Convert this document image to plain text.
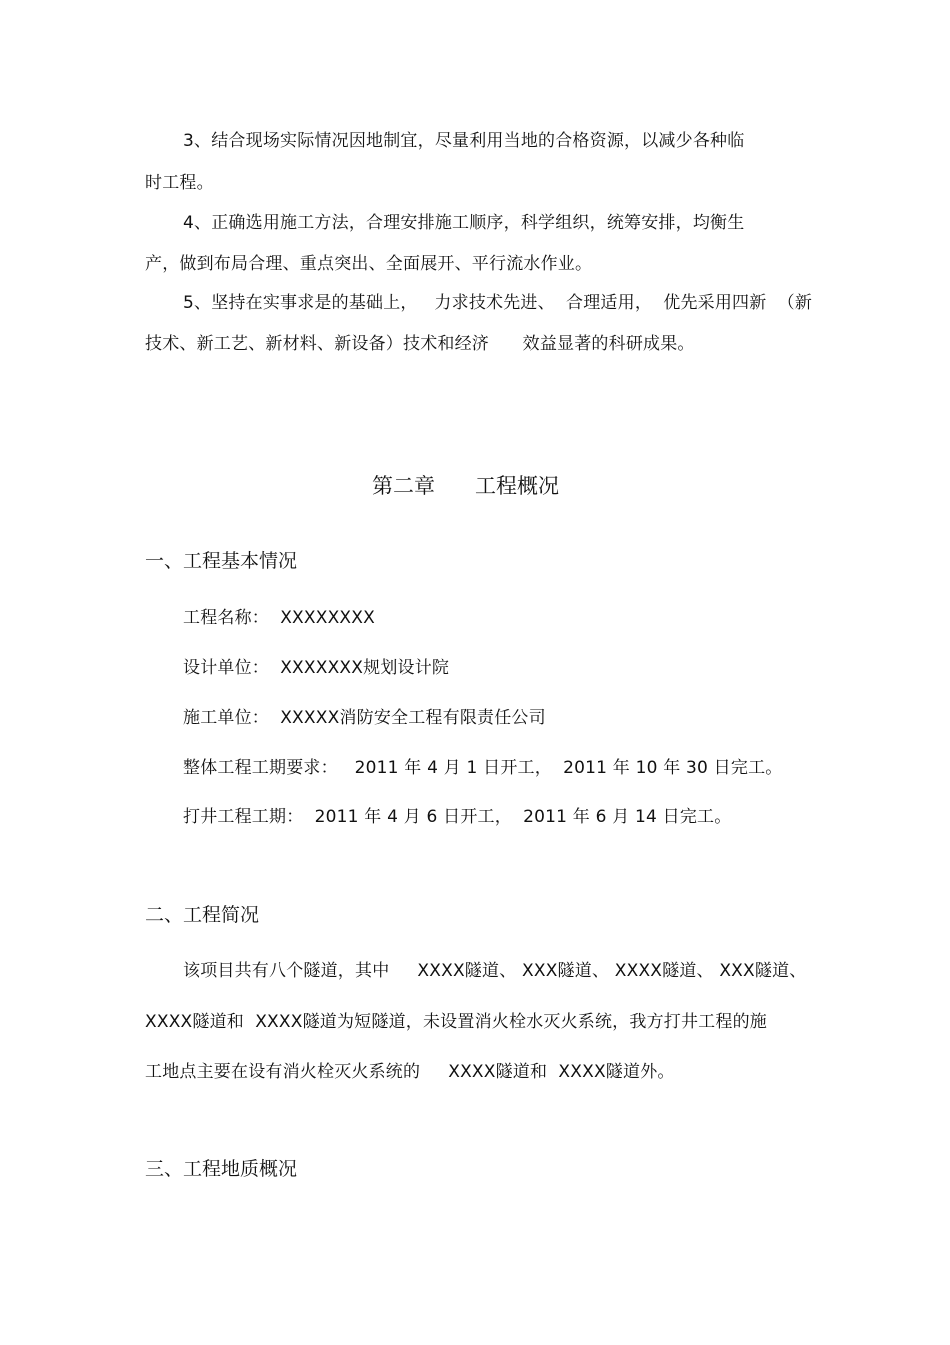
3、结合现场实际情况因地制宜，尽量利用当地的合格资源，以减少各种临
时工程。
4、正确选用施工方法，合理安排施工顺序，科学组织，统筹安排，均衡生
产，做到布局合理、重点突出、全面展开、平行流水作业。
5、坚持在实事求是的基础上，   力求技术先进、  合理适用，  优先采用四新  （新
技术、新工艺、新材料、新设备）技术和经济      效益显著的科研成果。
第二章      工程概况
一、工程基本情况
工程名称：  XXXXXXXX
设计单位：  XXXXXXX规划设计院
施工单位：  XXXXX消防安全工程有限责任公司
整体工程工期要求：   2011 年 4 月 1 日开工，  2011 年 10 年 30 日完工。
打井工程工期：  2011 年 4 月 6 日开工，  2011 年 6 月 14 日完工。
二、工程简况
该项目共有八个隧道，其中     XXXX隧道、 XXX隧道、 XXXX隧道、 XXX隧道、
XXXX隧道和  XXXX隧道为短隧道，未设置消火栓水灭火系统，我方打井工程的施
工地点主要在设有消火栓灭火系统的     XXXX隧道和  XXXX隧道外。
三、工程地质概况
